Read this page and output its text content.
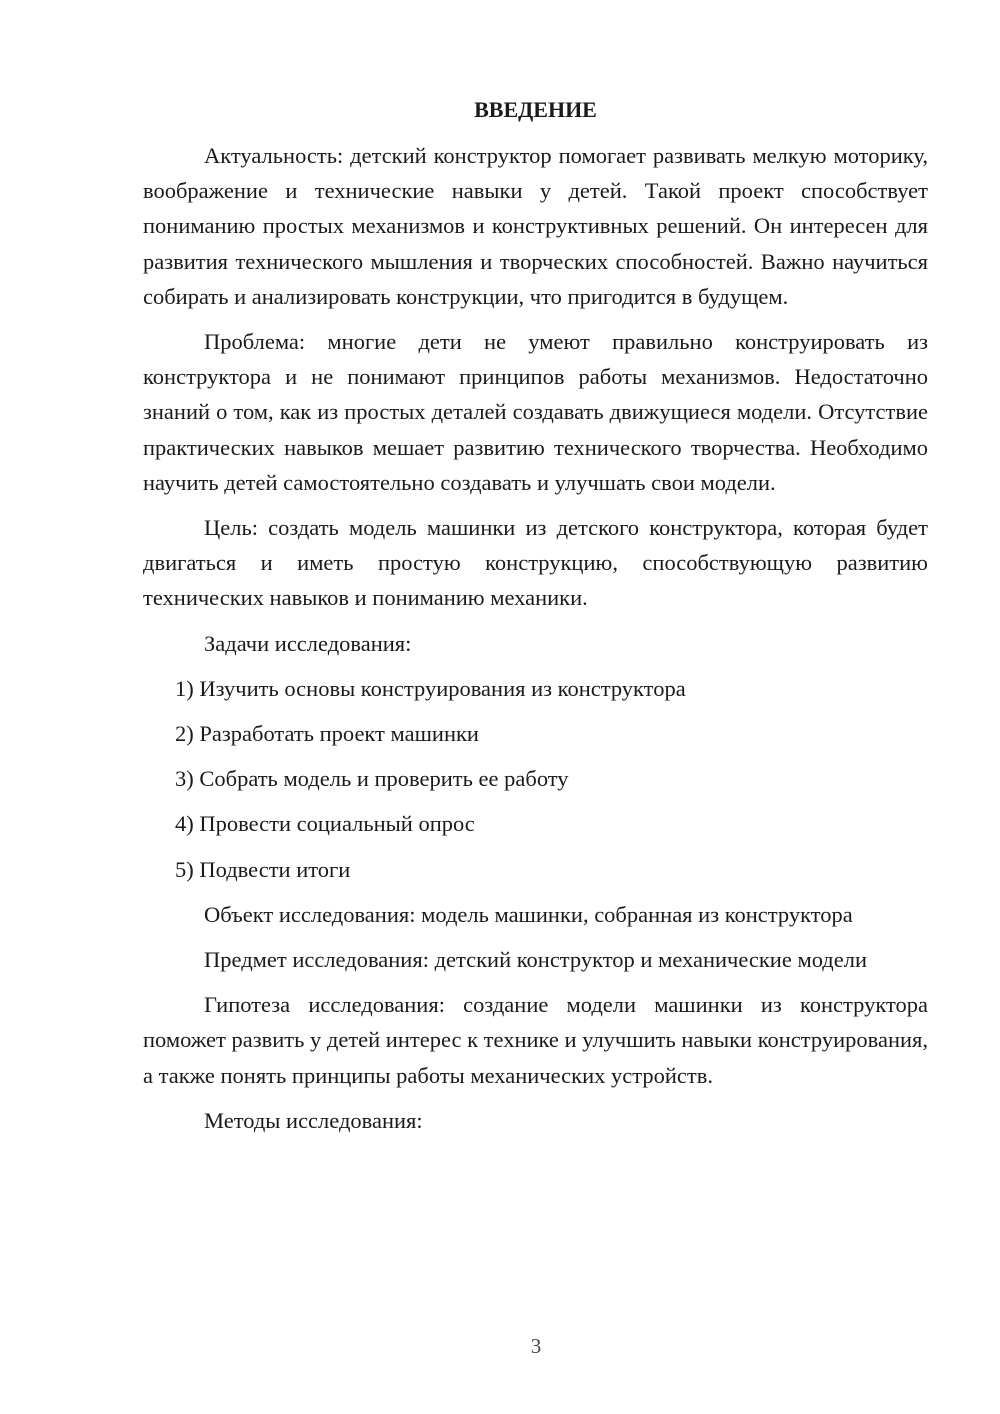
ВВЕДЕНИЕ

Актуальность: детский конструктор помогает развивать мелкую моторику, воображение и технические навыки у детей. Такой проект способствует пониманию простых механизмов и конструктивных решений. Он интересен для развития технического мышления и творческих способностей. Важно научиться собирать и анализировать конструкции, что пригодится в будущем.

Проблема: многие дети не умеют правильно конструировать из конструктора и не понимают принципов работы механизмов. Недостаточно знаний о том, как из простых деталей создавать движущиеся модели. Отсутствие практических навыков мешает развитию технического творчества. Необходимо научить детей самостоятельно создавать и улучшать свои модели.

Цель: создать модель машинки из детского конструктора, которая будет двигаться и иметь простую конструкцию, способствующую развитию технических навыков и пониманию механики.

Задачи исследования:

1) Изучить основы конструирования из конструктора
2) Разработать проект машинки
3) Собрать модель и проверить ее работу
4) Провести социальный опрос
5) Подвести итоги

Объект исследования: модель машинки, собранная из конструктора

Предмет исследования: детский конструктор и механические модели

Гипотеза исследования: создание модели машинки из конструктора поможет развить у детей интерес к технике и улучшить навыки конструирования, а также понять принципы работы механических устройств.

Методы исследования:

3
